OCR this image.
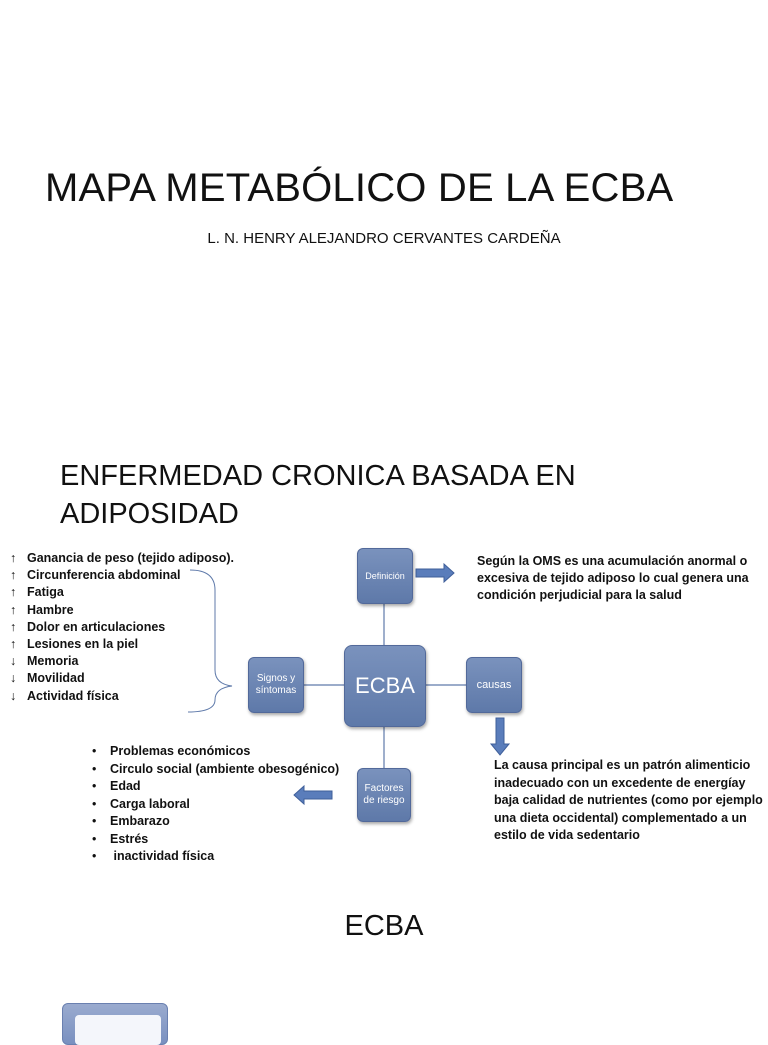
MAPA METABÓLICO DE LA ECBA
L. N. HENRY ALEJANDRO CERVANTES CARDEÑA
ENFERMEDAD CRONICA BASADA EN
ADIPOSIDAD
↑ Ganancia de peso (tejido adiposo).
↑ Circunferencia abdominal
↑ Fatiga
↑ Hambre
↑ Dolor en articulaciones
↑ Lesiones en la piel
↓ Memoria
↓ Movilidad
↓ Actividad física
Definición
ECBA
Signos y síntomas	causas
Factores de riesgo
Según la OMS es una acumulación anormal o excesiva de tejido adiposo lo cual genera una condición perjudicial para la salud
La causa principal es un patrón alimenticio inadecuado con un excedente de energíay baja calidad de nutrientes (como por ejemplo una dieta occidental) complementado a un estilo de vida sedentario
• Problemas económicos
• Circulo social (ambiente obesogénico)
• Edad
• Carga laboral
• Embarazo
• Estrés
• inactividad física
ECBA
